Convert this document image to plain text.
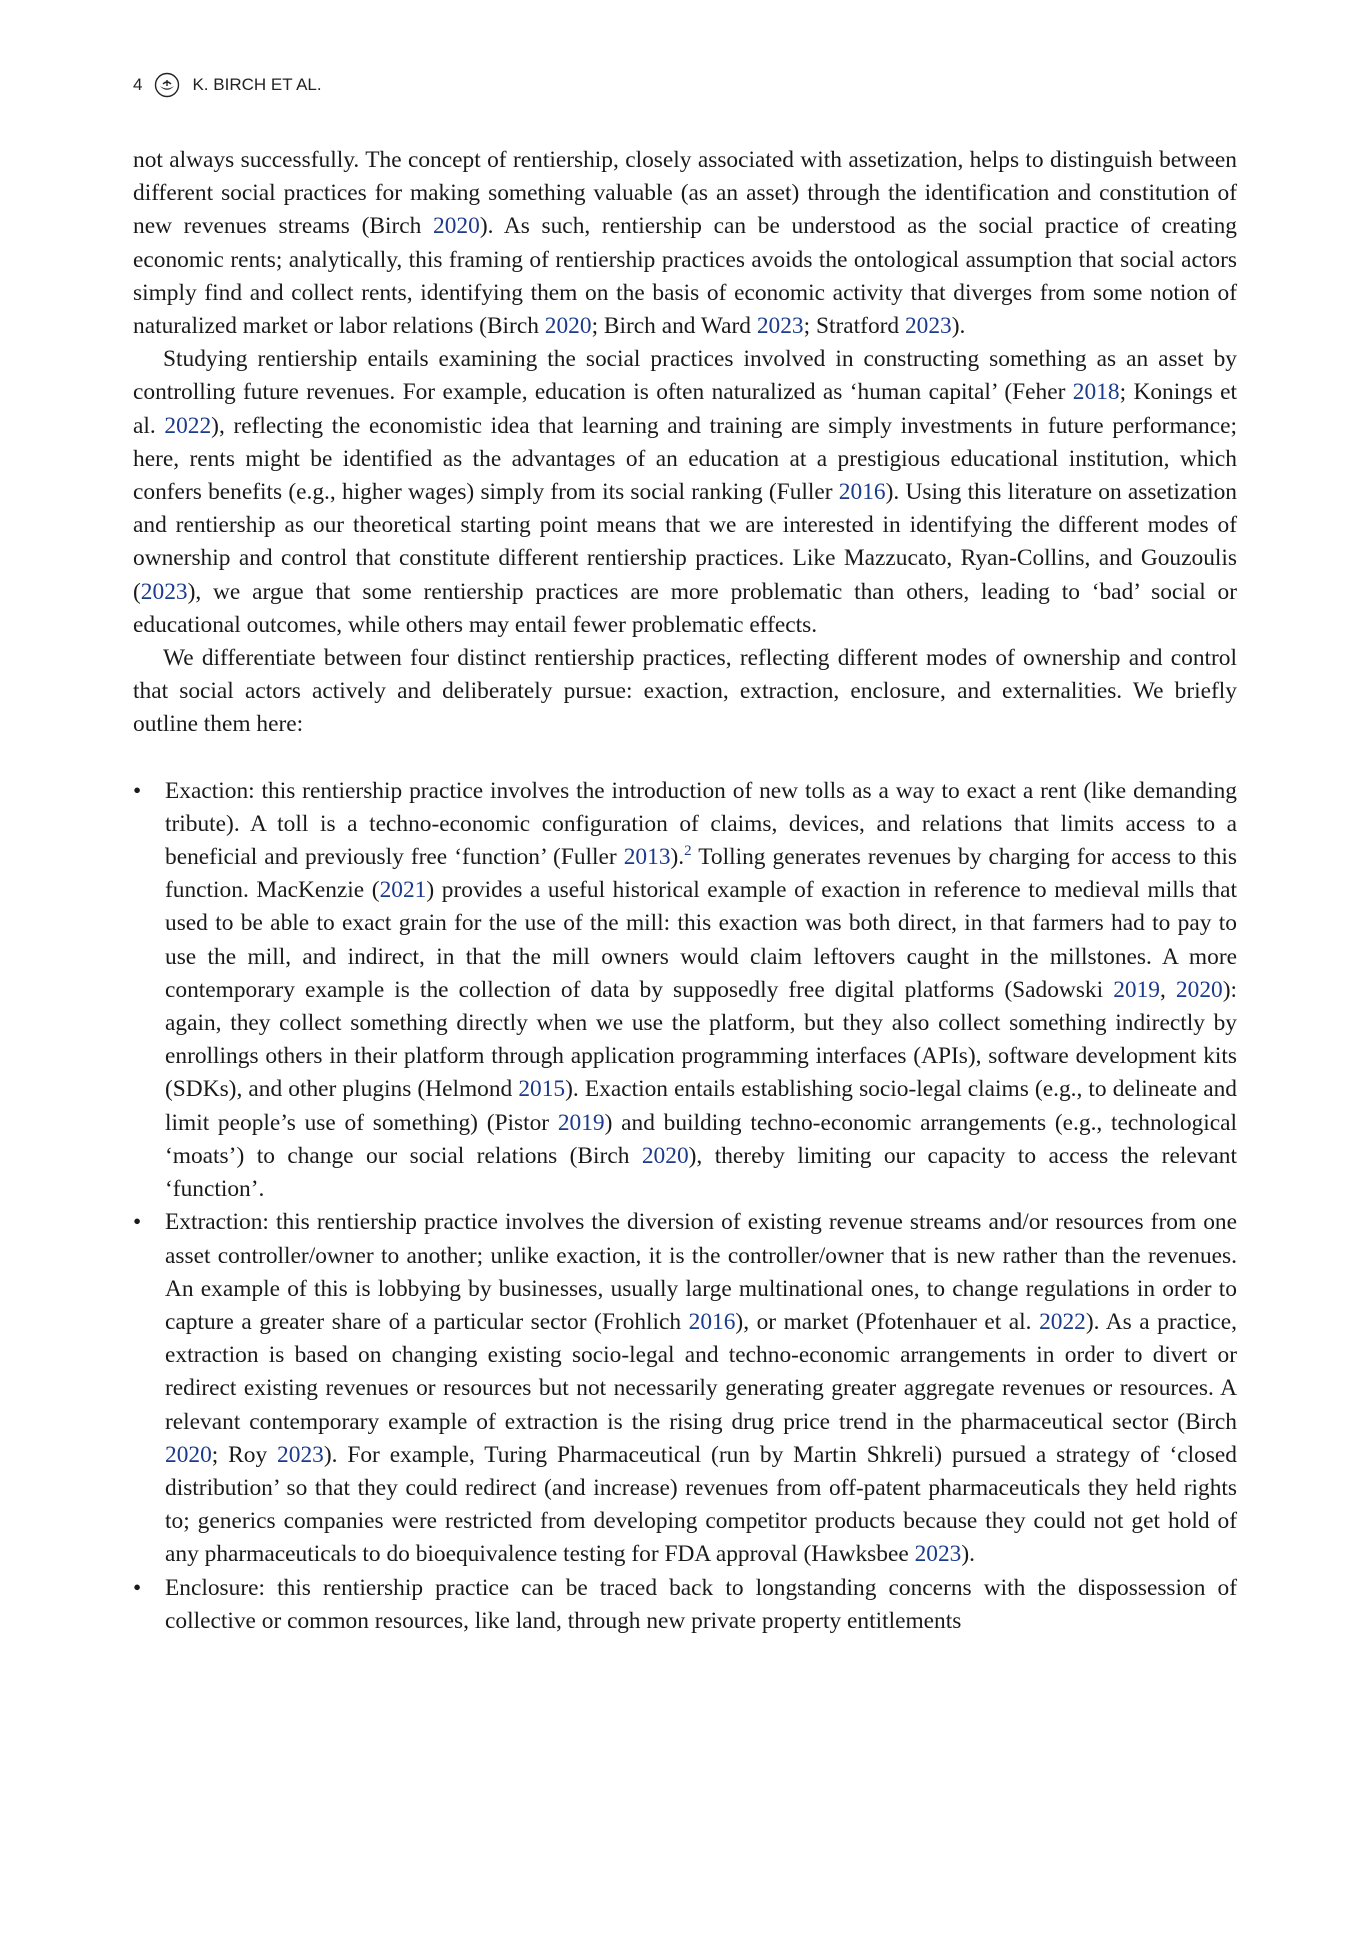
4	K. BIRCH ET AL.

not always successfully. The concept of rentiership, closely associated with assetization, helps to distinguish between different social practices for making something valuable (as an asset) through the identification and constitution of new revenues streams (Birch 2020). As such, rentiership can be understood as the social practice of creating economic rents; analytically, this framing of rentiership practices avoids the ontological assumption that social actors simply find and collect rents, identifying them on the basis of economic activity that diverges from some notion of naturalized market or labor relations (Birch 2020; Birch and Ward 2023; Stratford 2023).

Studying rentiership entails examining the social practices involved in constructing something as an asset by controlling future revenues. For example, education is often naturalized as ‘human capital’ (Feher 2018; Konings et al. 2022), reflecting the economistic idea that learning and training are simply investments in future performance; here, rents might be identified as the advantages of an education at a prestigious educational institution, which confers benefits (e.g., higher wages) simply from its social ranking (Fuller 2016). Using this literature on assetization and rentiership as our theoretical starting point means that we are interested in identifying the different modes of ownership and control that constitute different rentiership practices. Like Mazzucato, Ryan-Collins, and Gouzoulis (2023), we argue that some rentiership practices are more problematic than others, leading to ‘bad’ social or educational outcomes, while others may entail fewer problematic effects.

We differentiate between four distinct rentiership practices, reflecting different modes of ownership and control that social actors actively and deliberately pursue: exaction, extraction, enclosure, and externalities. We briefly outline them here:

•	Exaction: this rentiership practice involves the introduction of new tolls as a way to exact a rent (like demanding tribute). A toll is a techno-economic configuration of claims, devices, and relations that limits access to a beneficial and previously free ‘function’ (Fuller 2013).$^2$ Tolling generates revenues by charging for access to this function. MacKenzie (2021) provides a useful historical example of exaction in reference to medieval mills that used to be able to exact grain for the use of the mill: this exaction was both direct, in that farmers had to pay to use the mill, and indirect, in that the mill owners would claim leftovers caught in the millstones. A more contemporary example is the collection of data by supposedly free digital platforms (Sadowski 2019, 2020): again, they collect something directly when we use the platform, but they also collect something indirectly by enrollings others in their platform through application programming interfaces (APIs), software development kits (SDKs), and other plugins (Helmond 2015). Exaction entails establishing socio-legal claims (e.g., to delineate and limit people’s use of something) (Pistor 2019) and building techno-economic arrangements (e.g., technological ‘moats’) to change our social relations (Birch 2020), thereby limiting our capacity to access the relevant ‘function’.
•	Extraction: this rentiership practice involves the diversion of existing revenue streams and/or resources from one asset controller/owner to another; unlike exaction, it is the controller/owner that is new rather than the revenues. An example of this is lobbying by businesses, usually large multinational ones, to change regulations in order to capture a greater share of a particular sector (Frohlich 2016), or market (Pfotenhauer et al. 2022). As a practice, extraction is based on changing existing socio-legal and techno-economic arrangements in order to divert or redirect existing revenues or resources but not necessarily generating greater aggregate revenues or resources. A relevant contemporary example of extraction is the rising drug price trend in the pharmaceutical sector (Birch 2020; Roy 2023). For example, Turing Pharmaceutical (run by Martin Shkreli) pursued a strategy of ‘closed distribution’ so that they could redirect (and increase) revenues from off-patent pharmaceuticals they held rights to; generics companies were restricted from developing competitor products because they could not get hold of any pharmaceuticals to do bioequivalence testing for FDA approval (Hawksbee 2023).
•	Enclosure: this rentiership practice can be traced back to longstanding concerns with the dispossession of collective or common resources, like land, through new private property entitlements
